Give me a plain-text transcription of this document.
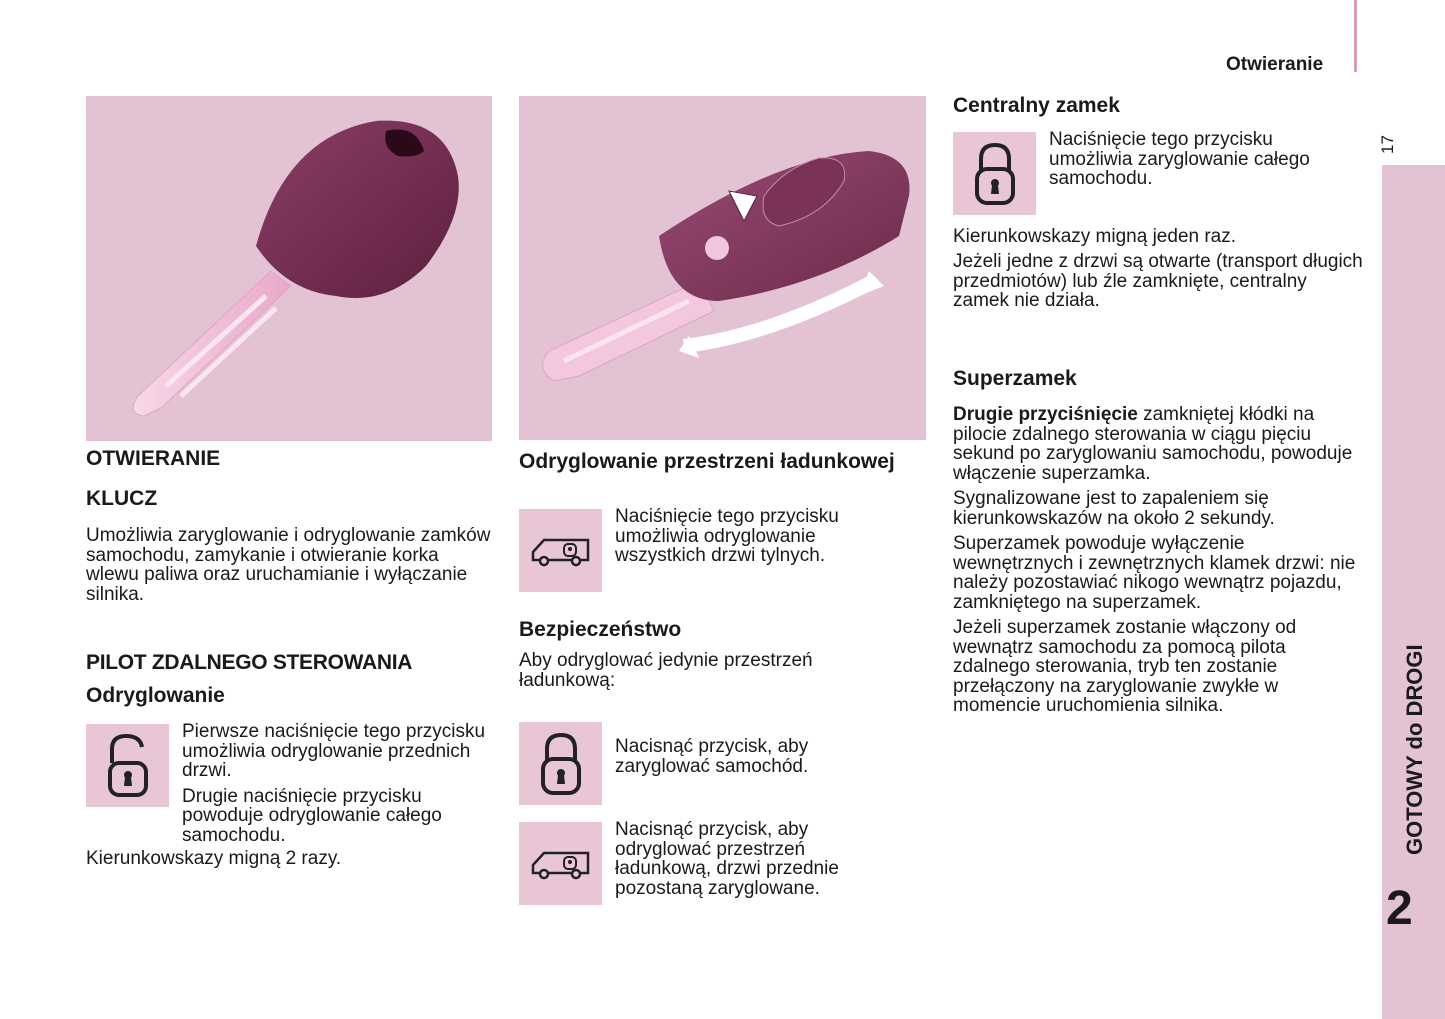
Otwieranie
17
GOTOWY do DROGI
2
OTWIERANIE
KLUCZ

Umożliwia zaryglowanie i odryglowanie zamków samochodu, zamykanie i otwieranie korka wlewu paliwa oraz uruchamianie i wyłączanie silnika.

PILOT ZDALNEGO STEROWANIA
Odryglowanie

Pierwsze naciśnięcie tego przycisku umożliwia odryglowanie przednich drzwi.

Drugie naciśnięcie przycisku powoduje odryglowanie całego samochodu.

Kierunkowskazy migną 2 razy.

Odryglowanie przestrzeni ładunkowej

Naciśnięcie tego przycisku umożliwia odryglowanie wszystkich drzwi tylnych.

Bezpieczeństwo

Aby odryglować jedynie przestrzeń ładunkową:

Nacisnąć przycisk, aby zaryglować samochód.

Nacisnąć przycisk, aby odryglować przestrzeń ładunkową, drzwi przednie pozostaną zaryglowane.

Centralny zamek

Naciśnięcie tego przycisku umożliwia zaryglowanie całego samochodu.

Kierunkowskazy migną jeden raz.

Jeżeli jedne z drzwi są otwarte (transport długich przedmiotów) lub źle zamknięte, centralny zamek nie działa.

Superzamek

Drugie przyciśnięcie zamkniętej kłódki na pilocie zdalnego sterowania w ciągu pięciu sekund po zaryglowaniu samochodu, powoduje włączenie superzamka.

Sygnalizowane jest to zapaleniem się kierunkowskazów na około 2 sekundy.

Superzamek powoduje wyłączenie wewnętrznych i zewnętrznych klamek drzwi: nie należy pozostawiać nikogo wewnątrz pojazdu, zamkniętego na superzamek.

Jeżeli superzamek zostanie włączony od wewnątrz samochodu za pomocą pilota zdalnego sterowania, tryb ten zostanie przełączony na zaryglowanie zwykłe w momencie uruchomienia silnika.
